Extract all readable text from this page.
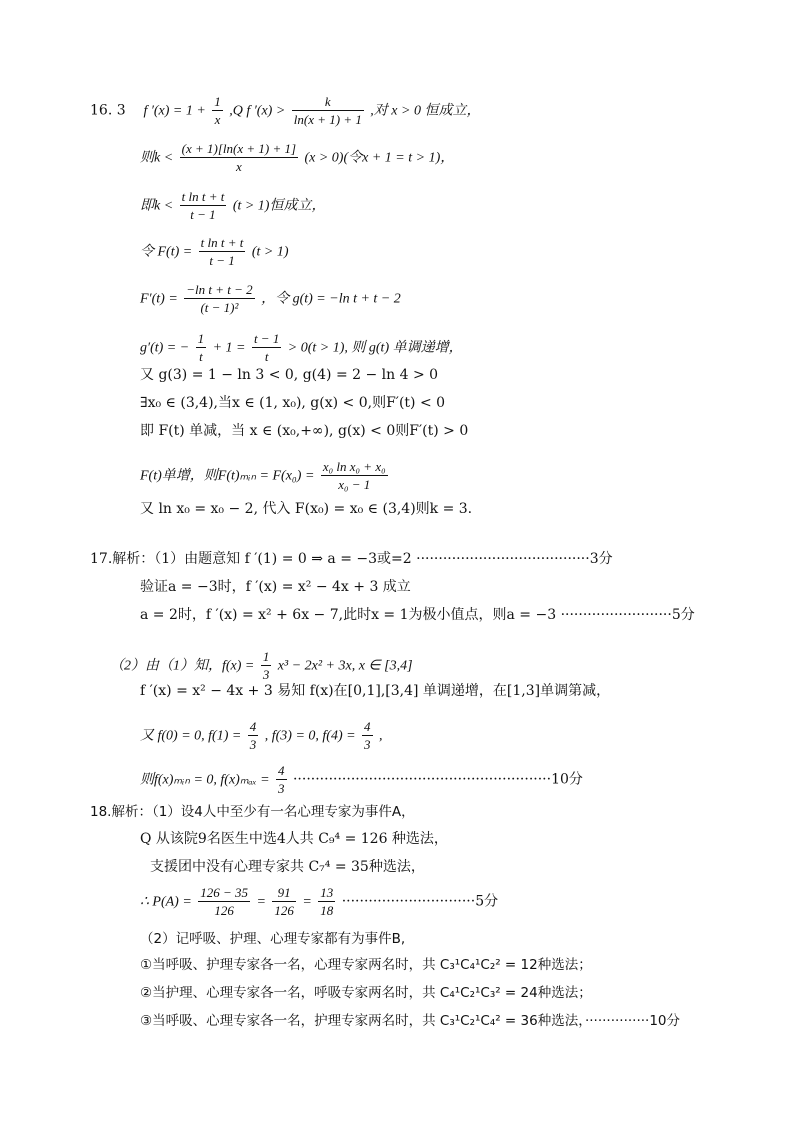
16. 3 f $'(x) = 1 + \frac{1}{x} ,Q$ f $'(x) > \frac{k}{\ln(x + 1) + 1}$ ,对 x > 0 恒成立，
则$k < \frac{(x + 1)[\ln(x + 1) + 1]}{x} (x > 0)$(令x + 1 = t > 1)，
即$k < \frac{\text{t ln t + t}}{t - 1} (t > 1)$恒成立，
令 $F(t) = \frac{\text{t ln t + t}}{t - 1} (t > 1)$
$F'(t) = \frac{\text{−ln t + t − 2}}{\text{(t − 1)²}}$ ，令 g(t) = −ln t + t − 2
g′(t) = − $\frac{1}{t} + 1 = \frac{t - 1}{t} > 0(t > 1)$, 则 g(t) 单调递增，
又 g(3) = 1 − ln 3 < 0, g(4) = 2 − ln 4 > 0
∃x₀ ∈ (3,4),当x ∈ (1, x₀), g(x) < 0,则F′(t) < 0
即 F(t) 单减，当 x ∈ (x₀,+∞), g(x) < 0则F′(t) > 0
F(t)单增，则F(t)ₘᵢₙ = $F(x_0) = \frac{\text{x₀ ln x₀ + x₀}}{\text{x₀ − 1}}$
又 ln x₀ = x₀ − 2, 代入 F(x₀) = x₀ ∈ (3,4)则k = 3.
17.解析：（1）由题意知 f ′(1) = 0 ⇒ a = −3或=2 ·······································3分
验证a = −3时，f ′(x) = x² − 4x + 3 成立
a = 2时，f ′(x) = x² + 6x − 7,此时x = 1为极小值点，则a = −3 ·························5分
（2）由（1）知，$f(x) = \frac{1}{3} x^3 - 2x^2 + 3x$, x ∈ [3,4]
f ′(x) = x² − 4x + 3 易知 f(x)在[0,1],[3,4] 单调递增，在[1,3]单调第减，
又 f(0) = 0, $f(1) = \frac{4}{3}$ , f(3) = 0, $f(4) = \frac{4}{3}$ ,
则f(x)ₘᵢₙ = 0, $f(x)_{max} = \frac{4}{3} \cdot\cdot\cdot\cdot\cdot\cdot\cdot\cdot\cdot\cdot\cdot\cdot\cdot\cdot\cdot\cdot\cdot\cdot\cdot\cdot\cdot\cdot\cdot\cdot\cdot\cdot\cdot\cdot\cdot\cdot\cdot\cdot\cdot\cdot\cdot\cdot\cdot\cdot\cdot\cdot\cdot\cdot\cdot\cdot\cdot\cdot\cdot\cdot\cdot\cdot\cdot\cdot\cdot\cdot\cdot\cdot\cdot\cdot 10$分
18.解析：（1）设4人中至少有一名心理专家为事件A，
Q 从该院9名医生中选4人共 C₉⁴ = 126 种选法，
支援团中没有心理专家共 C₇⁴ = 35种选法，
∴ $P(A) = \frac{126 - 35}{126} = \frac{91}{126} = \frac{13}{18} \cdot\cdot\cdot\cdot\cdot\cdot\cdot\cdot\cdot\cdot\cdot\cdot\cdot\cdot\cdot\cdot\cdot\cdot\cdot\cdot\cdot\cdot\cdot\cdot\cdot\cdot\cdot\cdot\cdot\cdot 5$分
（2）记呼吸、护理、心理专家都有为事件B,
①当呼吸、护理专家各一名，心理专家两名时，共 C₃¹C₄¹C₂² = 12种选法；
②当护理、心理专家各一名，呼吸专家两名时，共 C₄¹C₂¹C₃² = 24种选法；
③当呼吸、心理专家各一名，护理专家两名时，共 C₃¹C₂¹C₄² = 36种选法，···············10分
